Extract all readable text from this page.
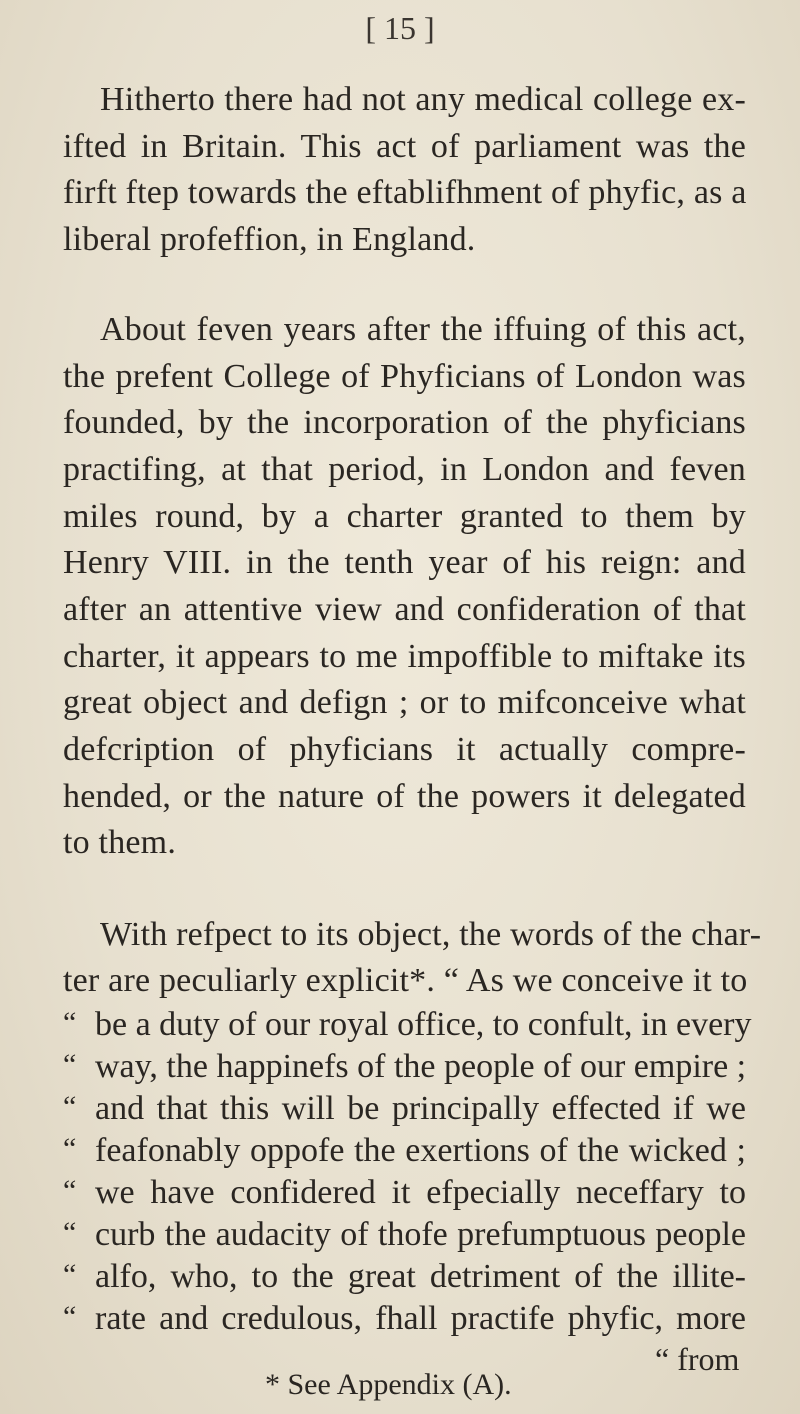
[ 15 ]
Hitherto there had not any medical college ex-
ifted in Britain. This act of parliament was the
firft ftep towards the eftablifhment of phyfic, as a
liberal profeffion, in England.
About feven years after the iffuing of this act,
the prefent College of Phyficians of London was
founded, by the incorporation of the phyficians
practifing, at that period, in London and feven
miles round, by a charter granted to them by
Henry VIII. in the tenth year of his reign: and
after an attentive view and confideration of that
charter, it appears to me impoffible to miftake its
great object and defign ; or to mifconceive what
defcription of phyficians it actually compre-
hended, or the nature of the powers it delegated
to them.
With refpect to its object, the words of the char-
ter are peculiarly explicit*. “ As we conceive it to
“ be a duty of our royal office, to confult, in every
“ way, the happinefs of the people of our empire ;
“ and that this will be principally effected if we
“ feafonably oppofe the exertions of the wicked ;
“ we have confidered it efpecially neceffary to
“ curb the audacity of thofe prefumptuous people
“ alfo, who, to the great detriment of the illite-
“ rate and credulous, fhall practife phyfic, more
“ from
* See Appendix (A).
